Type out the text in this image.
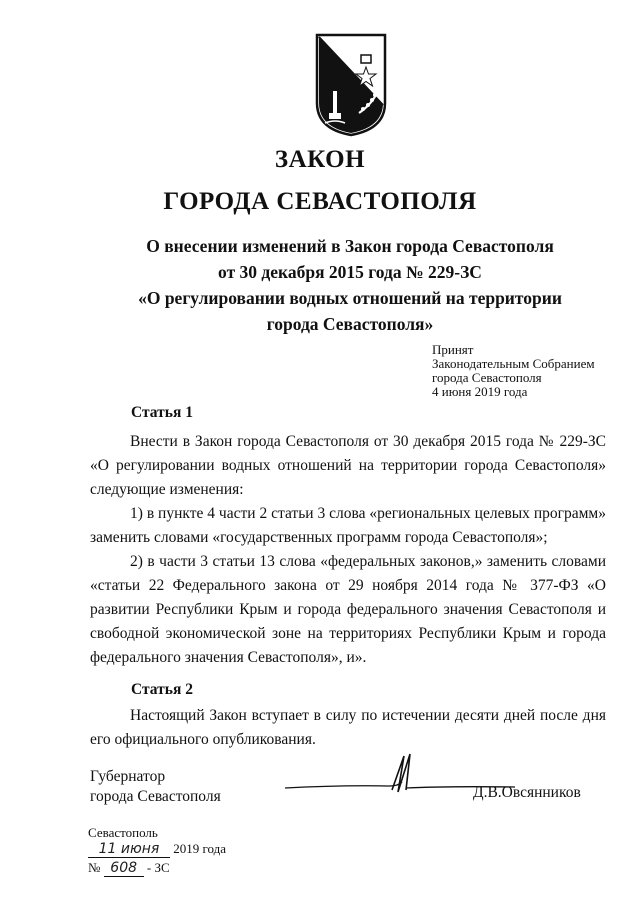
ЗАКОН
ГОРОДА СЕВАСТОПОЛЯ
О внесении изменений в Закон города Севастополя
от 30 декабря 2015 года № 229-ЗС
«О регулировании водных отношений на территории
города Севастополя»
Принят
Законодательным Собранием
города Севастополя
4 июня 2019 года
Статья 1
Внести в Закон города Севастополя от 30 декабря 2015 года № 229-ЗС «О регулировании водных отношений на территории города Севастополя» следующие изменения:
1) в пункте 4 части 2 статьи 3 слова «региональных целевых программ» заменить словами «государственных программ города Севастополя»;
2) в части 3 статьи 13 слова «федеральных законов,» заменить словами «статьи 22 Федерального закона от 29 ноября 2014 года № 377-ФЗ «О развитии Республики Крым и города федерального значения Севастополя и свободной экономической зоне на территориях Республики Крым и города федерального значения Севастополя», и».
Статья 2
Настоящий Закон вступает в силу по истечении десяти дней после дня его официального опубликования.
Губернатор
города Севастополя	Д.В.Овсянников
Севастополь
11 июня 2019 года
№ 608 - ЗС
